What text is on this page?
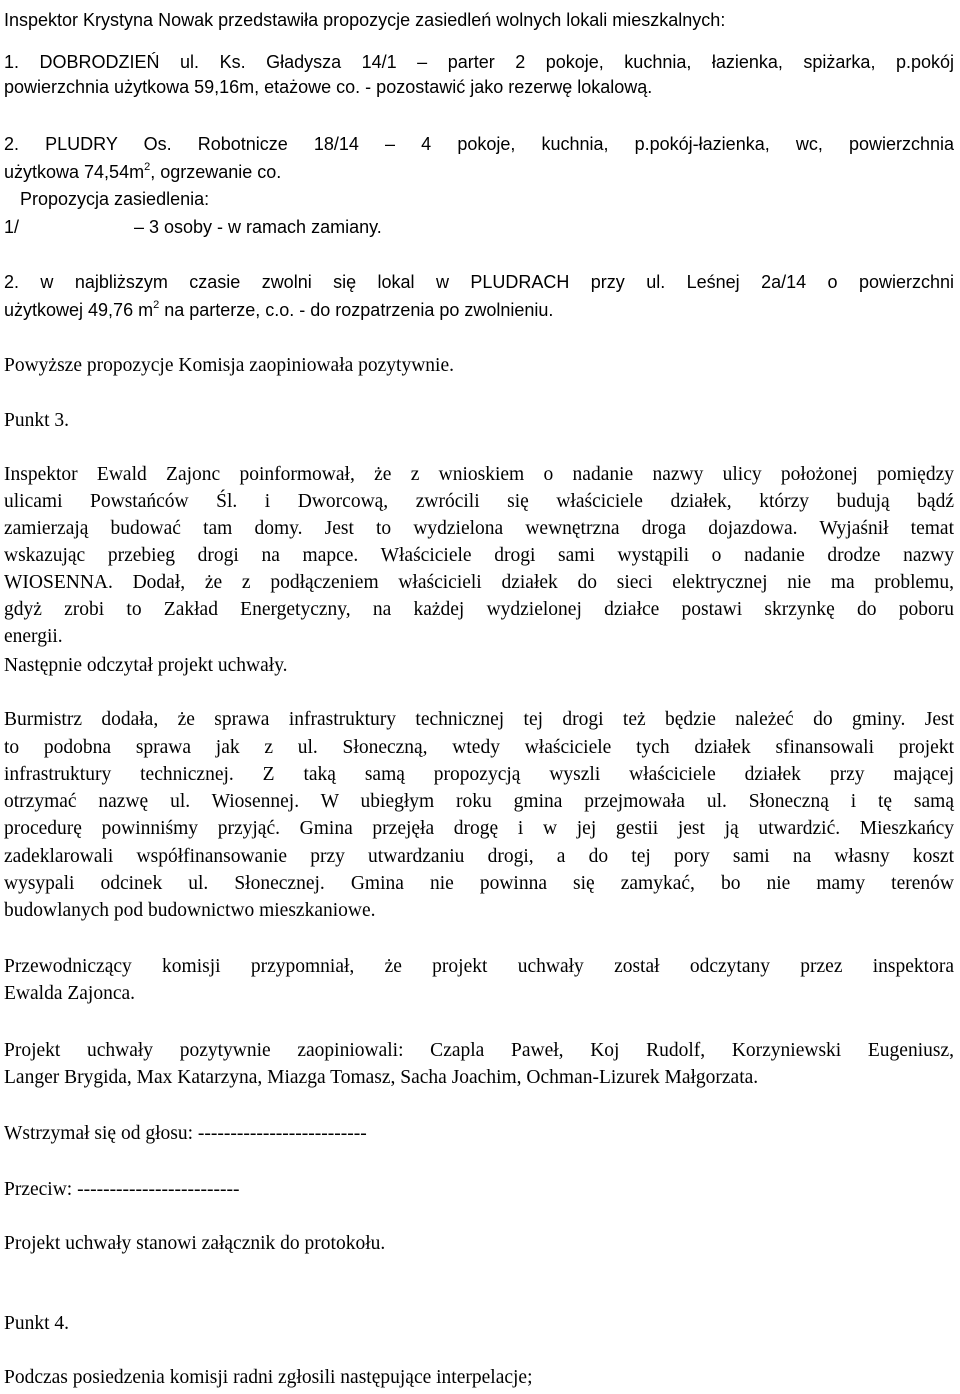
Inspektor Krystyna Nowak przedstawiła propozycje zasiedleń wolnych lokali mieszkalnych:
1. DOBRODZIEŃ ul. Ks. Gładysza 14/1 – parter 2 pokoje, kuchnia, łazienka, spiżarka, p.pokój
powierzchnia użytkowa 59,16m, etażowe co. - pozostawić jako rezerwę lokalową.
2. PLUDRY Os. Robotnicze 18/14 – 4 pokoje, kuchnia, p.pokój-łazienka, wc, powierzchnia
użytkowa $74,54m^2$, ogrzewanie co.
Propozycja zasiedlenia:
1/	– 3 osoby - w ramach zamiany.
2. w najbliższym czasie zwolni się lokal w PLUDRACH przy ul. Leśnej 2a/14 o powierzchni
użytkowej 49,76 $m^2$ na parterze, c.o. - do rozpatrzenia po zwolnieniu.
Powyższe propozycje Komisja zaopiniowała pozytywnie.
Punkt 3.
Inspektor Ewald Zajonc poinformował, że z wnioskiem o nadanie nazwy ulicy położonej pomiędzy
ulicami Powstańców Śl. i Dworcową, zwrócili się właściciele działek, którzy budują bądź
zamierzają budować tam domy. Jest to wydzielona wewnętrzna droga dojazdowa. Wyjaśnił temat
wskazując przebieg drogi na mapce. Właściciele drogi sami wystąpili o nadanie drodze nazwy
WIOSENNA. Dodał, że z podłączeniem właścicieli działek do sieci elektrycznej nie ma problemu,
gdyż zrobi to Zakład Energetyczny, na każdej wydzielonej działce postawi skrzynkę do poboru
energii.
Następnie odczytał projekt uchwały.
Burmistrz dodała, że sprawa infrastruktury technicznej tej drogi też będzie należeć do gminy. Jest
to podobna sprawa jak z ul. Słoneczną, wtedy właściciele tych działek sfinansowali projekt
infrastruktury technicznej. Z taką samą propozycją wyszli właściciele działek przy mającej
otrzymać nazwę ul. Wiosennej. W ubiegłym roku gmina przejmowała ul. Słoneczną i tę samą
procedurę powinniśmy przyjąć. Gmina przejęła drogę i w jej gestii jest ją utwardzić. Mieszkańcy
zadeklarowali współfinansowanie przy utwardzaniu drogi, a do tej pory sami na własny koszt
wysypali odcinek ul. Słonecznej. Gmina nie powinna się zamykać, bo nie mamy terenów
budowlanych pod budownictwo mieszkaniowe.
Przewodniczący komisji przypomniał, że projekt uchwały został odczytany przez inspektora
Ewalda Zajonca.
Projekt uchwały pozytywnie zaopiniowali: Czapla Paweł, Koj Rudolf, Korzyniewski Eugeniusz,
Langer Brygida, Max Katarzyna, Miazga Tomasz, Sacha Joachim, Ochman-Lizurek Małgorzata.
Wstrzymał się od głosu: --------------------------
Przeciw: -------------------------
Projekt uchwały stanowi załącznik do protokołu.
Punkt 4.
Podczas posiedzenia komisji radni zgłosili następujące interpelacje;
